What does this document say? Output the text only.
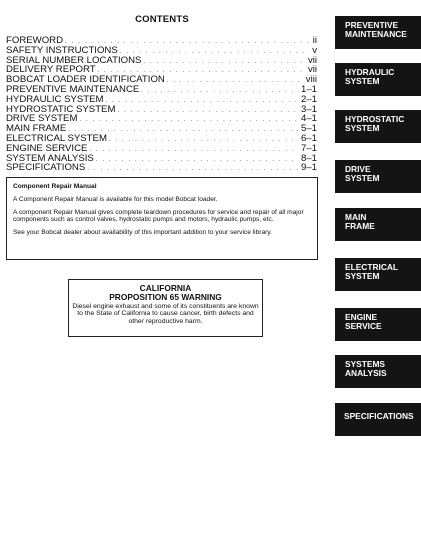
CONTENTS
FOREWORD . . .	ii
SAFETY INSTRUCTIONS . . .	v
SERIAL NUMBER LOCATIONS . . .	vii
DELIVERY REPORT . . .	vii
BOBCAT LOADER IDENTIFICATION . . .	viii
PREVENTIVE MAINTENANCE . . .	1–1
HYDRAULIC SYSTEM . . .	2–1
HYDROSTATIC SYSTEM . . .	3–1
DRIVE SYSTEM . . .	4–1
MAIN FRAME . . .	5–1
ELECTRICAL SYSTEM . . .	6–1
ENGINE SERVICE . . .	7–1
SYSTEM ANALYSIS . . .	8–1
SPECIFICATIONS . . .	9–1
Component Repair Manual

A Component Repair Manual is available for this model Bobcat loader.

A component Repair Manual gives complete teardown procedures for service and repair of all major components such as control valves, hydrostatic pumps and motors, hydraulic pumps, etc.

See your Bobcat dealer about availability of this important addition to your service library.

CALIFORNIA
PROPOSITION 65 WARNING
Diesel engine exhaust and some of its constituents are known to the State of California to cause cancer, birth defects and other reproductive harm.
PREVENTIVE
MAINTENANCE
HYDRAULIC
SYSTEM
HYDROSTATIC
SYSTEM
DRIVE
SYSTEM
MAIN
FRAME
ELECTRICAL
SYSTEM
ENGINE
SERVICE
SYSTEMS
ANALYSIS
SPECIFICATIONS
